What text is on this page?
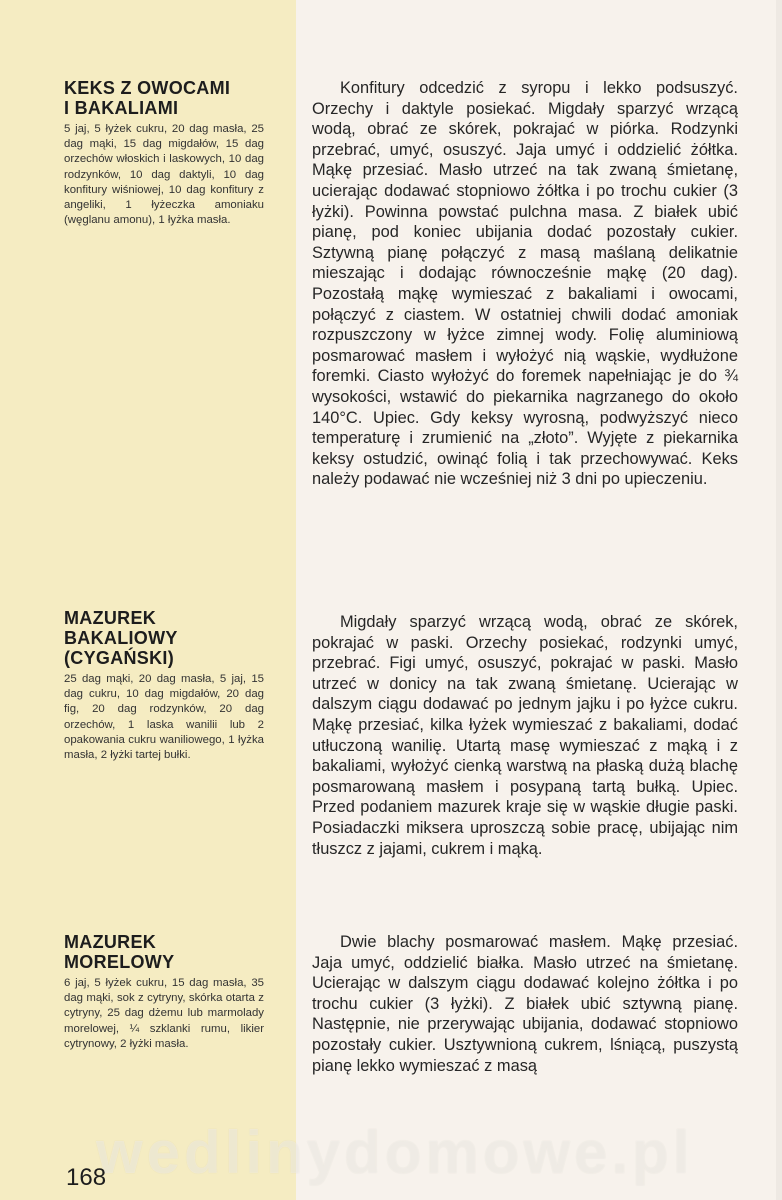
KEKS Z OWOCAMI
I BAKALIAMI

5 jaj, 5 łyżek cukru, 20 dag masła, 25 dag mąki, 15 dag migdałów, 15 dag orzechów włoskich i laskowych, 10 dag rodzynków, 10 dag daktyli, 10 dag konfitury wiśniowej, 10 dag konfitury z angeliki, 1 łyżeczka amoniaku (węglanu amonu), 1 łyżka masła.

Konfitury odcedzić z syropu i lekko podsuszyć. Orzechy i daktyle posiekać. Migdały sparzyć wrzącą wodą, obrać ze skórek, pokrajać w piórka. Rodzynki przebrać, umyć, osuszyć. Jaja umyć i oddzielić żółtka. Mąkę przesiać. Masło utrzeć na tak zwaną śmietanę, ucierając dodawać stopniowo żółtka i po trochu cukier (3 łyżki). Powinna powstać pulchna masa. Z białek ubić pianę, pod koniec ubijania dodać pozostały cukier. Sztywną pianę połączyć z masą maślaną delikatnie mieszając i dodając równocześnie mąkę (20 dag). Pozostałą mąkę wymieszać z bakaliami i owocami, połączyć z ciastem. W ostatniej chwili dodać amoniak rozpuszczony w łyżce zimnej wody. Folię aluminiową posmarować masłem i wyłożyć nią wąskie, wydłużone foremki. Ciasto wyłożyć do foremek napełniając je do ¾ wysokości, wstawić do piekarnika nagrzanego do około 140°C. Upiec. Gdy keksy wyrosną, podwyższyć nieco temperaturę i zrumienić na „złoto”. Wyjęte z piekarnika keksy ostudzić, owinąć folią i tak przechowywać. Keks należy podawać nie wcześniej niż 3 dni po upieczeniu.

MAZUREK
BAKALIOWY
(CYGAŃSKI)

25 dag mąki, 20 dag masła, 5 jaj, 15 dag cukru, 10 dag migdałów, 20 dag fig, 20 dag rodzynków, 20 dag orzechów, 1 laska wanilii lub 2 opakowania cukru waniliowego, 1 łyżka masła, 2 łyżki tartej bułki.

Migdały sparzyć wrzącą wodą, obrać ze skórek, pokrajać w paski. Orzechy posiekać, rodzynki umyć, przebrać. Figi umyć, osuszyć, pokrajać w paski. Masło utrzeć w donicy na tak zwaną śmietanę. Ucierając w dalszym ciągu dodawać po jednym jajku i po łyżce cukru. Mąkę przesiać, kilka łyżek wymieszać z bakaliami, dodać utłuczoną wanilię. Utartą masę wymieszać z mąką i z bakaliami, wyłożyć cienką warstwą na płaską dużą blachę posmarowaną masłem i posypaną tartą bułką. Upiec. Przed podaniem mazurek kraje się w wąskie długie paski. Posiadaczki miksera uproszczą sobie pracę, ubijając nim tłuszcz z jajami, cukrem i mąką.

MAZUREK
MORELOWY

6 jaj, 5 łyżek cukru, 15 dag masła, 35 dag mąki, sok z cytryny, skórka otarta z cytryny, 25 dag dżemu lub marmolady morelowej, ¼ szklanki rumu, likier cytrynowy, 2 łyżki masła.

Dwie blachy posmarować masłem. Mąkę przesiać. Jaja umyć, oddzielić białka. Masło utrzeć na śmietanę. Ucierając w dalszym ciągu dodawać kolejno żółtka i po trochu cukier (3 łyżki). Z białek ubić sztywną pianę. Następnie, nie przerywając ubijania, dodawać stopniowo pozostały cukier. Usztywnioną cukrem, lśniącą, puszystą pianę lekko wymieszać z masą

wedlinydomowe.pl
168
